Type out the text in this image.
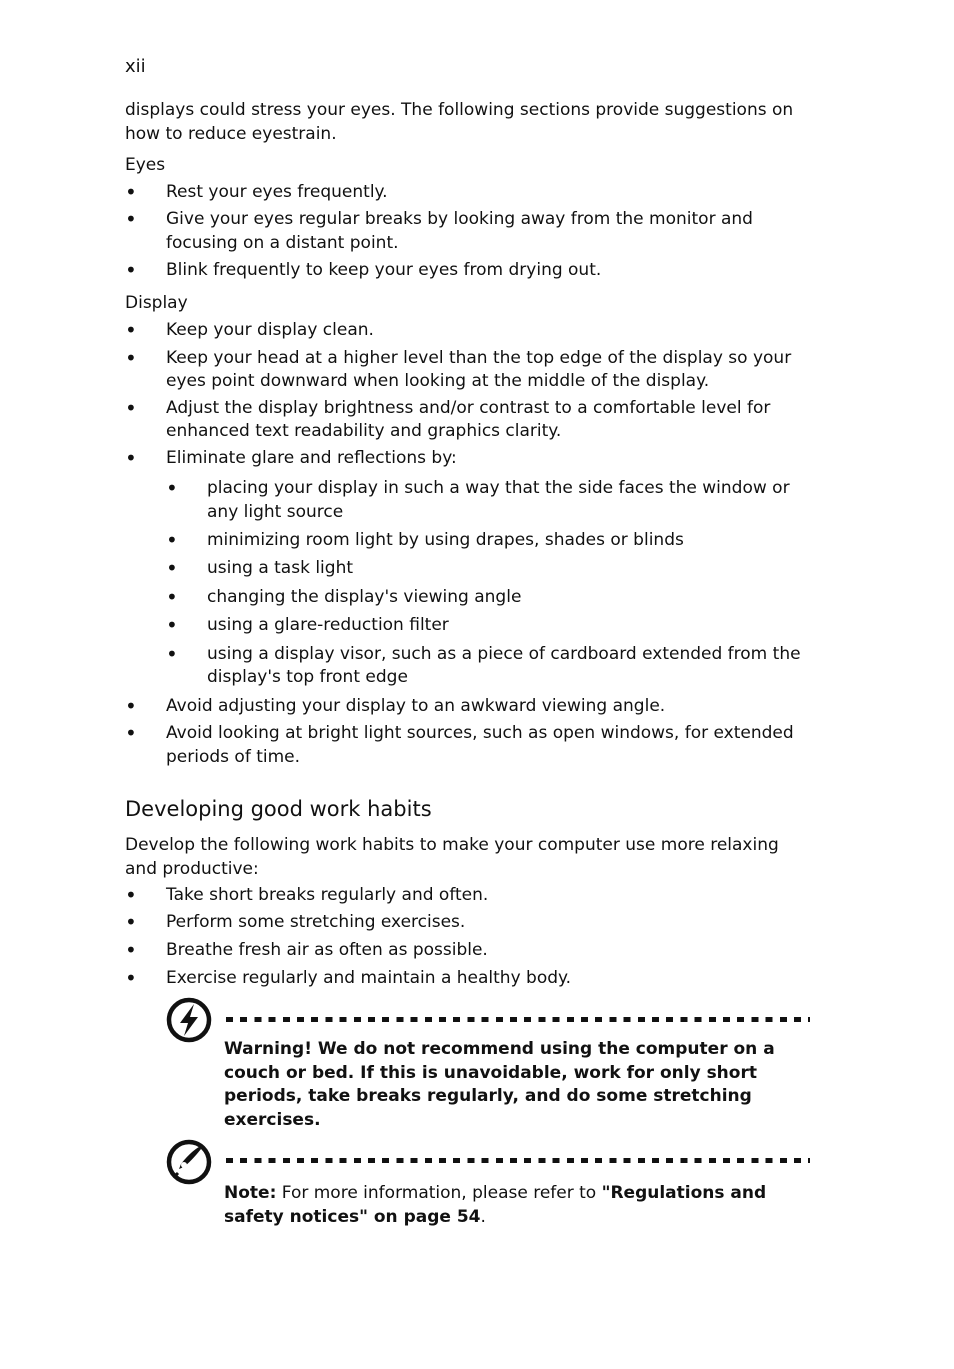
xii

displays could stress your eyes. The following sections provide suggestions on how to reduce eyestrain.

Eyes
• Rest your eyes frequently.
• Give your eyes regular breaks by looking away from the monitor and focusing on a distant point.
• Blink frequently to keep your eyes from drying out.
Display
• Keep your display clean.
• Keep your head at a higher level than the top edge of the display so your eyes point downward when looking at the middle of the display.
• Adjust the display brightness and/or contrast to a comfortable level for enhanced text readability and graphics clarity.
• Eliminate glare and reflections by:
• placing your display in such a way that the side faces the window or any light source
• minimizing room light by using drapes, shades or blinds
• using a task light
• changing the display's viewing angle
• using a glare-reduction filter
• using a display visor, such as a piece of cardboard extended from the display's top front edge
• Avoid adjusting your display to an awkward viewing angle.
• Avoid looking at bright light sources, such as open windows, for extended periods of time.
Developing good work habits

Develop the following work habits to make your computer use more relaxing and productive:

• Take short breaks regularly and often.
• Perform some stretching exercises.
• Breathe fresh air as often as possible.
• Exercise regularly and maintain a healthy body.

Warning! We do not recommend using the computer on a couch or bed. If this is unavoidable, work for only short periods, take breaks regularly, and do some stretching exercises.

Note: For more information, please refer to "Regulations and safety notices" on page 54.
